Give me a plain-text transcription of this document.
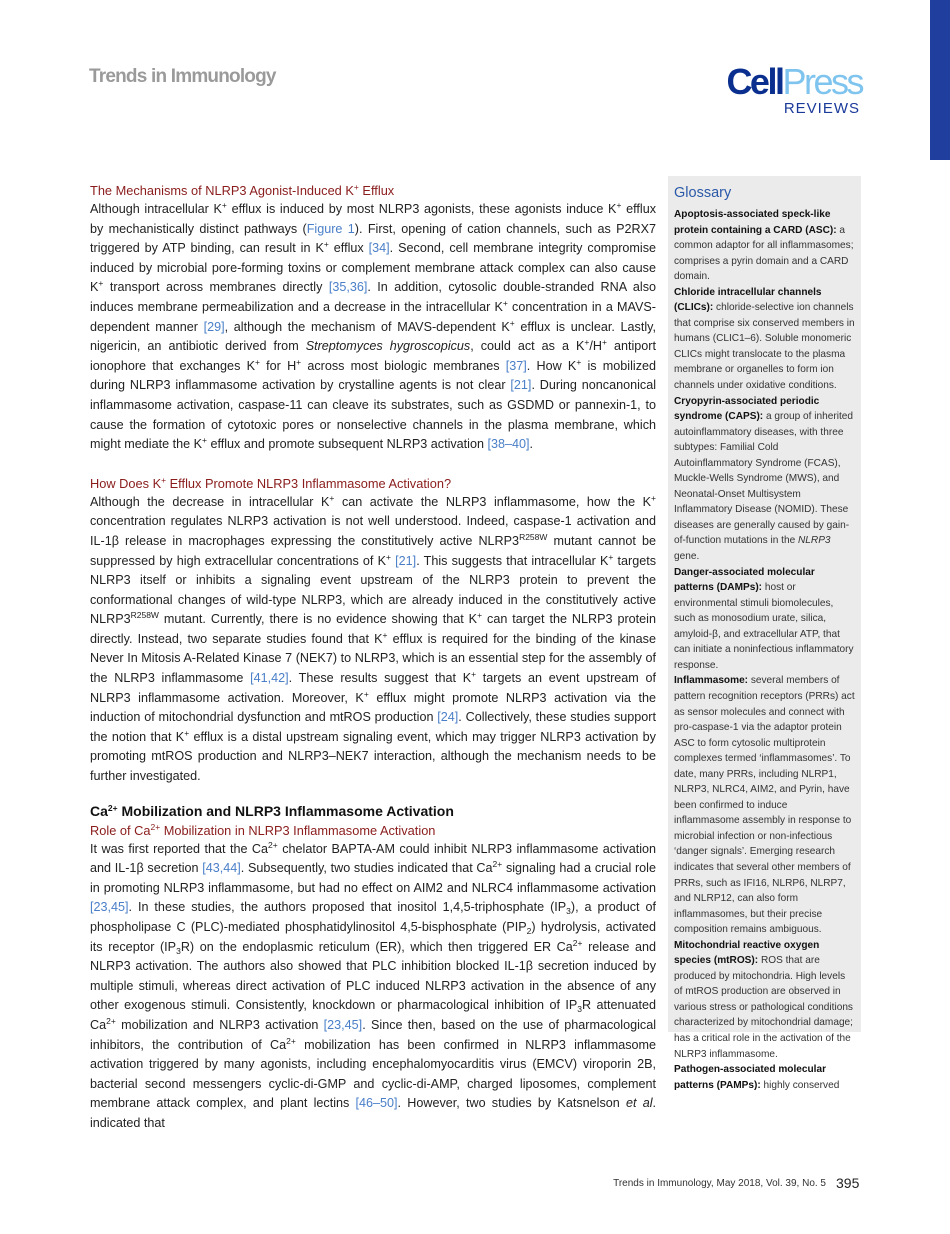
Trends in Immunology	CellPress
REVIEWS
The Mechanisms of NLRP3 Agonist-Induced K+ Efflux

Although intracellular K+ efflux is induced by most NLRP3 agonists, these agonists induce K+ efflux by mechanistically distinct pathways (Figure 1). First, opening of cation channels, such as P2RX7 triggered by ATP binding, can result in K+ efflux [34]. Second, cell membrane integrity compromise induced by microbial pore-forming toxins or complement membrane attack complex can also cause K+ transport across membranes directly [35,36]. In addition, cytosolic double-stranded RNA also induces membrane permeabilization and a decrease in the intracellular K+ concentration in a MAVS-dependent manner [29], although the mechanism of MAVS-dependent K+ efflux is unclear. Lastly, nigericin, an antibiotic derived from Streptomyces hygroscopicus, could act as a K+/H+ antiport ionophore that exchanges K+ for H+ across most biologic membranes [37]. How K+ is mobilized during NLRP3 inflammasome activation by crystalline agents is not clear [21]. During noncanonical inflammasome activation, caspase-11 can cleave its substrates, such as GSDMD or pannexin-1, to cause the formation of cytotoxic pores or nonselective channels in the plasma membrane, which might mediate the K+ efflux and promote subsequent NLRP3 activation [38–40].

How Does K+ Efflux Promote NLRP3 Inflammasome Activation?

Although the decrease in intracellular K+ can activate the NLRP3 inflammasome, how the K+ concentration regulates NLRP3 activation is not well understood. Indeed, caspase-1 activation and IL-1β release in macrophages expressing the constitutively active $NLRP3^{R258W}$ mutant cannot be suppressed by high extracellular concentrations of K+ [21]. This suggests that intracellular K+ targets NLRP3 itself or inhibits a signaling event upstream of the NLRP3 protein to prevent the conformational changes of wild-type NLRP3, which are already induced in the constitutively active $NLRP3^{R258W}$ mutant. Currently, there is no evidence showing that K+ can target the NLRP3 protein directly. Instead, two separate studies found that K+ efflux is required for the binding of the kinase Never In Mitosis A-Related Kinase 7 (NEK7) to NLRP3, which is an essential step for the assembly of the NLRP3 inflammasome [41,42]. These results suggest that K+ targets an event upstream of NLRP3 inflammasome activation. Moreover, K+ efflux might promote NLRP3 activation via the induction of mitochondrial dysfunction and mtROS production [24]. Collectively, these studies support the notion that K+ efflux is a distal upstream signaling event, which may trigger NLRP3 activation by promoting mtROS production and NLRP3–NEK7 interaction, although the mechanism needs to be further investigated.

$Ca^{2+}$ Mobilization and NLRP3 Inflammasome Activation
Role of $Ca^{2+}$ Mobilization in NLRP3 Inflammasome Activation

It was first reported that the $Ca^{2+}$ chelator BAPTA-AM could inhibit NLRP3 inflammasome activation and IL-1β secretion [43,44]. Subsequently, two studies indicated that $Ca^{2+}$ signaling had a crucial role in promoting NLRP3 inflammasome, but had no effect on AIM2 and NLRC4 inflammasome activation [23,45]. In these studies, the authors proposed that inositol 1,4,5-triphosphate $(IP_3)$, a product of phospholipase C (PLC)-mediated phosphatidylinositol 4,5-bisphosphate $(PIP_2)$ hydrolysis, activated its receptor $(IP_3R)$ on the endoplasmic reticulum (ER), which then triggered ER $Ca^{2+}$ release and NLRP3 activation. The authors also showed that PLC inhibition blocked IL-1β secretion induced by multiple stimuli, whereas direct activation of PLC induced NLRP3 activation in the absence of any other exogenous stimuli. Consistently, knockdown or pharmacological inhibition of $IP_3R$ attenuated $Ca^{2+}$ mobilization and NLRP3 activation [23,45]. Since then, based on the use of pharmacological inhibitors, the contribution of $Ca^{2+}$ mobilization has been confirmed in NLRP3 inflammasome activation triggered by many agonists, including encephalomyocarditis virus (EMCV) viroporin 2B, bacterial second messengers cyclic-di-GMP and cyclic-di-AMP, charged liposomes, complement membrane attack complex, and plant lectins [46–50]. However, two studies by Katsnelson et al. indicated that

Glossary
Apoptosis-associated speck-like protein containing a CARD (ASC): a common adaptor for all inflammasomes; comprises a pyrin domain and a CARD domain.
Chloride intracellular channels (CLICs): chloride-selective ion channels that comprise six conserved members in humans (CLIC1–6). Soluble monomeric CLICs might translocate to the plasma membrane or organelles to form ion channels under oxidative conditions.
Cryopyrin-associated periodic syndrome (CAPS): a group of inherited autoinflammatory diseases, with three subtypes: Familial Cold Autoinflammatory Syndrome (FCAS), Muckle-Wells Syndrome (MWS), and Neonatal-Onset Multisystem Inflammatory Disease (NOMID). These diseases are generally caused by gain-of-function mutations in the NLRP3 gene.
Danger-associated molecular patterns (DAMPs): host or environmental stimuli biomolecules, such as monosodium urate, silica, amyloid-β, and extracellular ATP, that can initiate a noninfectious inflammatory response.
Inflammasome: several members of pattern recognition receptors (PRRs) act as sensor molecules and connect with pro-caspase-1 via the adaptor protein ASC to form cytosolic multiprotein complexes termed ‘inflammasomes’. To date, many PRRs, including NLRP1, NLRP3, NLRC4, AIM2, and Pyrin, have been confirmed to induce inflammasome assembly in response to microbial infection or non-infectious ‘danger signals’. Emerging research indicates that several other members of PRRs, such as IFI16, NLRP6, NLRP7, and NLRP12, can also form inflammasomes, but their precise composition remains ambiguous.
Mitochondrial reactive oxygen species (mtROS): ROS that are produced by mitochondria. High levels of mtROS production are observed in various stress or pathological conditions characterized by mitochondrial damage; has a critical role in the activation of the NLRP3 inflammasome.
Pathogen-associated molecular patterns (PAMPs): highly conserved
Trends in Immunology, May 2018, Vol. 39, No. 5 395
